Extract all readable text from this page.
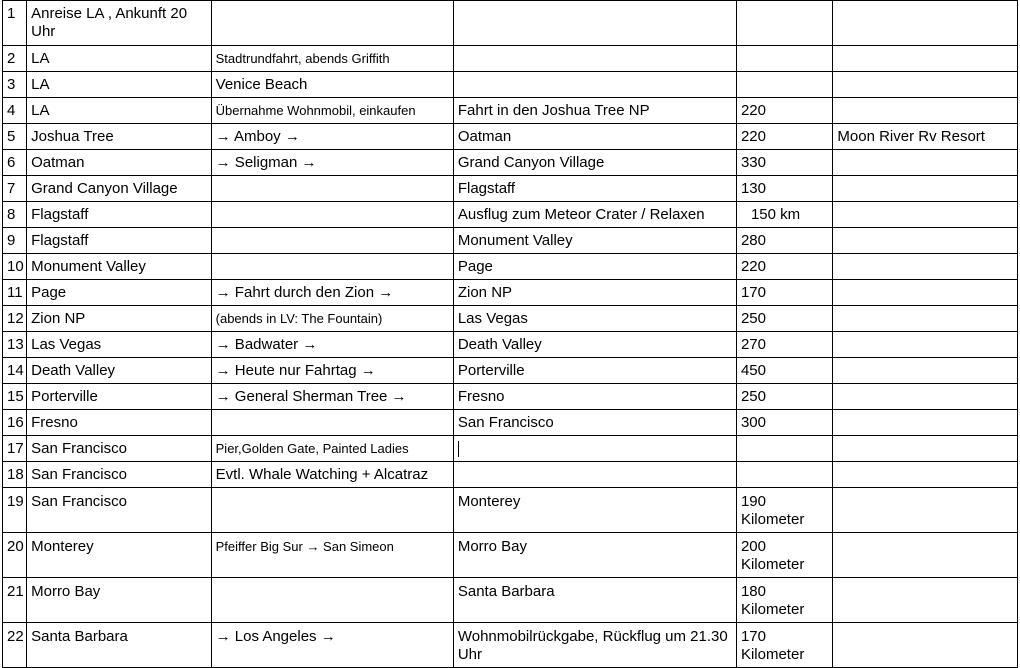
1	Anreise LA , Ankunft 20 Uhr				
2	LA	Stadtrundfahrt, abends Griffith			
3	LA	Venice Beach			
4	LA	Übernahme Wohnmobil, einkaufen	Fahrt in den Joshua Tree NP	220	
5	Joshua Tree	→ Amboy →	Oatman	220	Moon River Rv Resort
6	Oatman	→ Seligman →	Grand Canyon Village	330	
7	Grand Canyon Village		Flagstaff	130	
8	Flagstaff		Ausflug zum Meteor Crater / Relaxen	150 km	
9	Flagstaff		Monument Valley	280	
10	Monument Valley		Page	220	
11	Page	→ Fahrt durch den Zion →	Zion NP	170	
12	Zion NP	(abends in LV: The Fountain)	Las Vegas	250	
13	Las Vegas	→ Badwater →	Death Valley	270	
14	Death Valley	→ Heute nur Fahrtag →	Porterville	450	
15	Porterville	→ General Sherman Tree →	Fresno	250	
16	Fresno		San Francisco	300	
17	San Francisco	Pier,Golden Gate, Painted Ladies			
18	San Francisco	Evtl. Whale Watching + Alcatraz			
19	San Francisco		Monterey	190 Kilometer	
20	Monterey	Pfeiffer Big Sur → San Simeon	Morro Bay	200 Kilometer	
21	Morro Bay		Santa Barbara	180 Kilometer	
22	Santa Barbara	→ Los Angeles →	Wohnmobilrückgabe, Rückflug um 21.30 Uhr	170 Kilometer	
